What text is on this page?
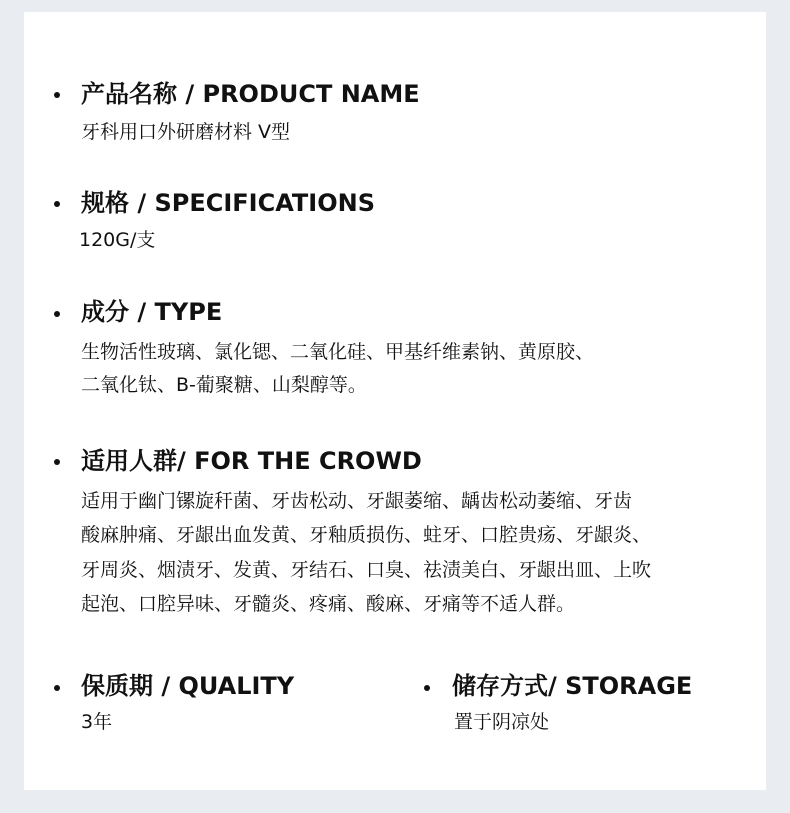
产品名称 / PRODUCT NAME
牙科用口外研磨材料 V型
规格 / SPECIFICATIONS
120G/支
成分 / TYPE
生物活性玻璃、氯化锶、二氧化硅、甲基纤维素钠、黄原胶、
二氧化钛、B-葡聚糖、山梨醇等。
适用人群/ FOR THE CROWD
适用于幽门镙旋秆菌、牙齿松动、牙龈萎缩、龋齿松动萎缩、牙齿
酸麻肿痛、牙龈出血发黄、牙釉质损伤、蛀牙、口腔贵疡、牙龈炎、
牙周炎、烟渍牙、发黄、牙结石、口臭、祛渍美白、牙龈出皿、上吹
起泡、口腔异味、牙髓炎、疼痛、酸麻、牙痛等不适人群。
保质期 / QUALITY
3年
储存方式/ STORAGE
置于阴凉处
